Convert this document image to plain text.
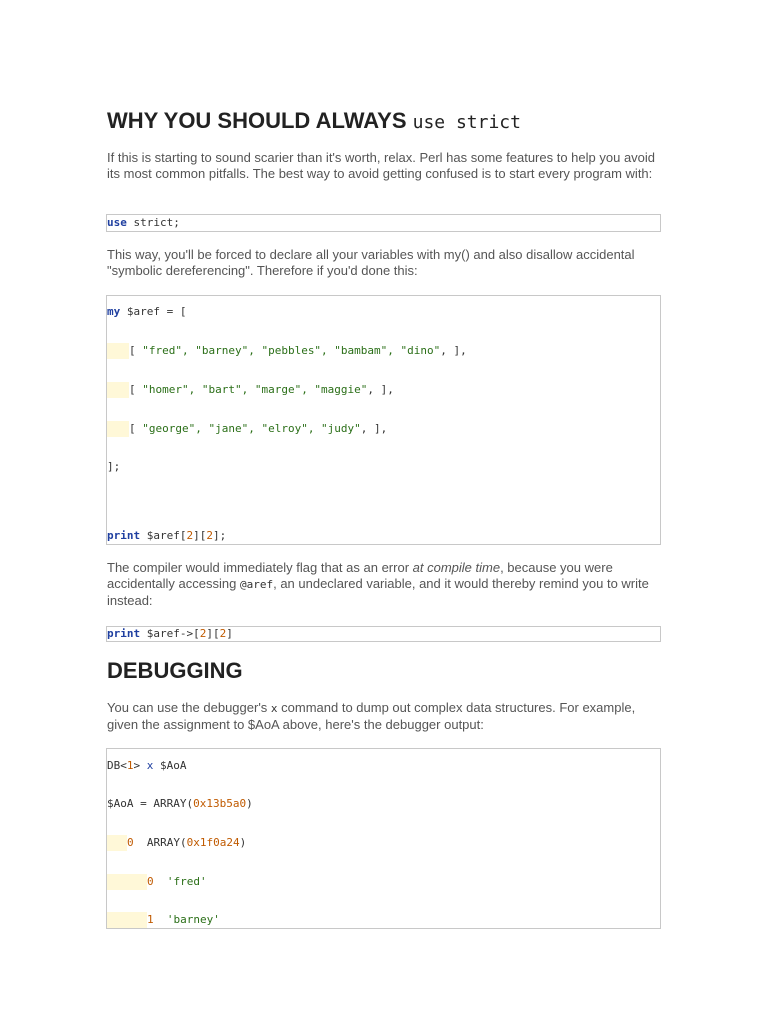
WHY YOU SHOULD ALWAYS use strict

If this is starting to sound scarier than it's worth, relax. Perl has some features to help you avoid its most common pitfalls. The best way to avoid getting confused is to start every program with:

use strict;

This way, you'll be forced to declare all your variables with my() and also disallow accidental "symbolic dereferencing". Therefore if you'd done this:

my $aref = [
[ "fred", "barney", "pebbles", "bambam", "dino", ],
[ "homer", "bart", "marge", "maggie", ],
[ "george", "jane", "elroy", "judy", ],
];
print $aref[2][2];

The compiler would immediately flag that as an error at compile time, because you were accidentally accessing @aref, an undeclared variable, and it would thereby remind you to write instead:

print $aref->[2][2]
DEBUGGING

You can use the debugger's x command to dump out complex data structures. For example, given the assignment to $AoA above, here's the debugger output:

DB<1> x $AoA
$AoA = ARRAY(0x13b5a0)
0  ARRAY(0x1f0a24)
0  'fred'
1  'barney'
